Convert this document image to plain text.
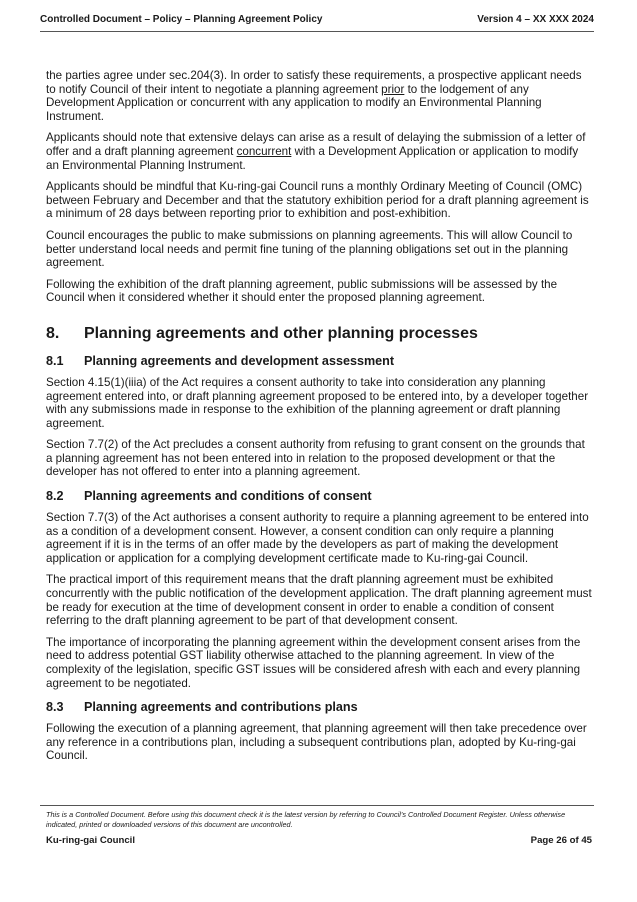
Controlled Document – Policy – Planning Agreement Policy	Version 4 – XX XXX 2024

the parties agree under sec.204(3). In order to satisfy these requirements, a prospective applicant needs to notify Council of their intent to negotiate a planning agreement prior to the lodgement of any Development Application or concurrent with any application to modify an Environmental Planning Instrument.

Applicants should note that extensive delays can arise as a result of delaying the submission of a letter of offer and a draft planning agreement concurrent with a Development Application or application to modify an Environmental Planning Instrument.

Applicants should be mindful that Ku-ring-gai Council runs a monthly Ordinary Meeting of Council (OMC) between February and December and that the statutory exhibition period for a draft planning agreement is a minimum of 28 days between reporting prior to exhibition and post-exhibition.

Council encourages the public to make submissions on planning agreements. This will allow Council to better understand local needs and permit fine tuning of the planning obligations set out in the planning agreement.

Following the exhibition of the draft planning agreement, public submissions will be assessed by the Council when it considered whether it should enter the proposed planning agreement.

8.	Planning agreements and other planning processes
8.1	Planning agreements and development assessment

Section 4.15(1)(iiia) of the Act requires a consent authority to take into consideration any planning agreement entered into, or draft planning agreement proposed to be entered into, by a developer together with any submissions made in response to the exhibition of the planning agreement or draft planning agreement.

Section 7.7(2) of the Act precludes a consent authority from refusing to grant consent on the grounds that a planning agreement has not been entered into in relation to the proposed development or that the developer has not offered to enter into a planning agreement.

8.2	Planning agreements and conditions of consent

Section 7.7(3) of the Act authorises a consent authority to require a planning agreement to be entered into as a condition of a development consent. However, a consent condition can only require a planning agreement if it is in the terms of an offer made by the developers as part of making the development application or application for a complying development certificate made to Ku-ring-gai Council.

The practical import of this requirement means that the draft planning agreement must be exhibited concurrently with the public notification of the development application. The draft planning agreement must be ready for execution at the time of development consent in order to enable a condition of consent referring to the draft planning agreement to be part of that development consent.

The importance of incorporating the planning agreement within the development consent arises from the need to address potential GST liability otherwise attached to the planning agreement. In view of the complexity of the legislation, specific GST issues will be considered afresh with each and every planning agreement to be negotiated.

8.3	Planning agreements and contributions plans

Following the execution of a planning agreement, that planning agreement will then take precedence over any reference in a contributions plan, including a subsequent contributions plan, adopted by Ku-ring-gai Council.

This is a Controlled Document. Before using this document check it is the latest version by referring to Council’s Controlled Document Register. Unless otherwise indicated, printed or downloaded versions of this document are uncontrolled.
Ku-ring-gai Council	Page 26 of 45
